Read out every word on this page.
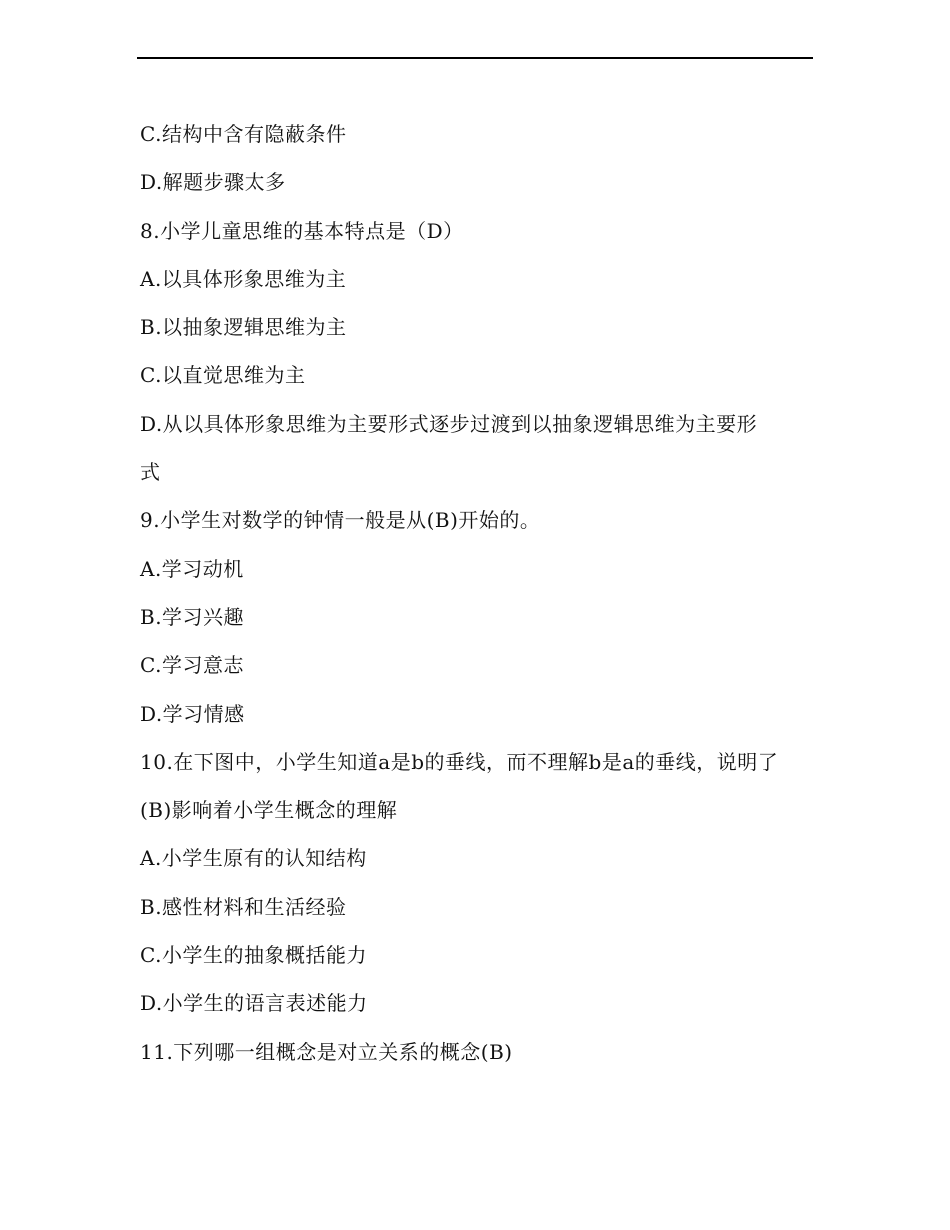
C.结构中含有隐蔽条件
D.解题步骤太多
8.小学儿童思维的基本特点是（D）
A.以具体形象思维为主
B.以抽象逻辑思维为主
C.以直觉思维为主
D.从以具体形象思维为主要形式逐步过渡到以抽象逻辑思维为主要形
式
9.小学生对数学的钟情一般是从(B)开始的。
A.学习动机
B.学习兴趣
C.学习意志
D.学习情感
10.在下图中，小学生知道a是b的垂线，而不理解b是a的垂线，说明了
(B)影响着小学生概念的理解
A.小学生原有的认知结构
B.感性材料和生活经验
C.小学生的抽象概括能力
D.小学生的语言表述能力
11.下列哪一组概念是对立关系的概念(B)
